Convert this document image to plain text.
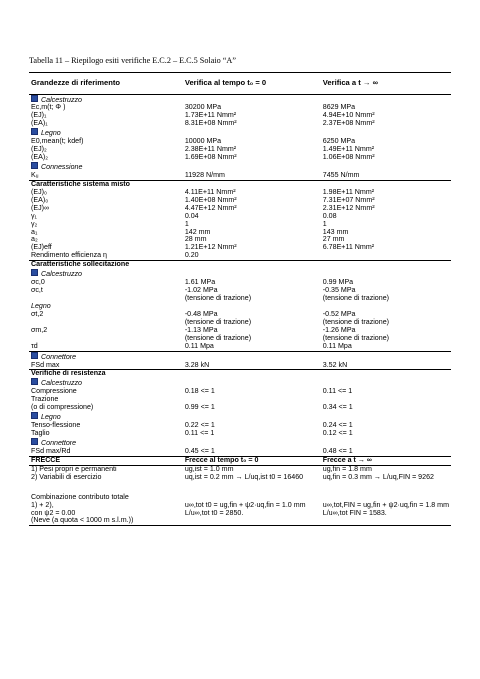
Tabella 11 – Riepilogo esiti verifiche E.C.2 – E.C.5 Solaio “A”
Grandezze di riferimento	Verifica al tempo t₀ = 0	Verifica a t → ∞
Calcestruzzo		
Ec,m(t; Φ )	30200 MPa	8629 MPa
(EJ)₁	1.73E+11 Nmm²	4.94E+10 Nmm²
(EA)₁	8.31E+08 Nmm²	2.37E+08 Nmm²
Legno		
E0,mean(t; kdef)	10000 MPa	6250 MPa
(EJ)₂	2.38E+11 Nmm²	1.49E+11 Nmm²
(EA)₂	1.69E+08 Nmm²	1.06E+08 Nmm²
Connessione		
Kᵤ	11928 N/mm	7455 N/mm
Caratteristiche sistema misto		
(EJ)₀	4.11E+11 Nmm²	1.98E+11 Nmm²
(EA)₀	1.40E+08 Nmm²	7.31E+07 Nmm²
(EJ)∞	4.47E+12 Nmm²	2.31E+12 Nmm²
γ₁	0.04	0.08
γ₂	1	1
a₁	142 mm	143 mm
a₂	28 mm	27 mm
(EJ)eff	1.21E+12 Nmm²	6.78E+11 Nmm²
Rendimento efficienza η	0.20	
Caratteristiche sollecitazione		
Calcestruzzo		
σc,0	1.61 MPa	0.99 MPa
σc,t	-1.02 MPa	-0.35 MPa
	(tensione di trazione)	(tensione di trazione)
Legno		
σt,2	-0.48 MPa	-0.52 MPa
	(tensione di trazione)	(tensione di trazione)
σm,2	-1.13 MPa	-1.26 MPa
	(tensione di trazione)	(tensione di trazione)
τd	0.11 Mpa	0.11 Mpa
Connettore		
FSd max	3.28 kN	3.52 kN
Verifiche di resistenza		
Calcestruzzo		
Compressione	0.18 <= 1	0.11 <= 1
Trazione		
(o di compressione)	0.99 <= 1	0.34 <= 1
Legno		
Tenso-flessione	0.22 <= 1	0.24 <= 1
Taglio	0.11 <= 1	0.12 <= 1
Connettore		
FSd max/Rd	0.45 <= 1	0.48 <= 1
FRECCE	Frecce al tempo t₀ = 0	Frecce a t → ∞
1) Pesi propri e permanenti	ug,ist = 1.0 mm	ug,fin = 1.8 mm
2) Variabili di esercizio	uq,ist = 0.2 mm → L/uq,ist t0 = 16460	uq,fin = 0.3 mm → L/uq,FIN = 9262

Combinazione contributo totale		
1) + 2),	u∞,tot t0 = ug,fin + ψ2·uq,fin = 1.0 mm	u∞,tot,FIN = ug,fin + ψ2·uq,fin = 1.8 mm
con ψ2 = 0.00	L/u∞,tot t0 = 2850.	L/u∞,tot FIN = 1583.
(Neve (a quota < 1000 m s.l.m.))		
